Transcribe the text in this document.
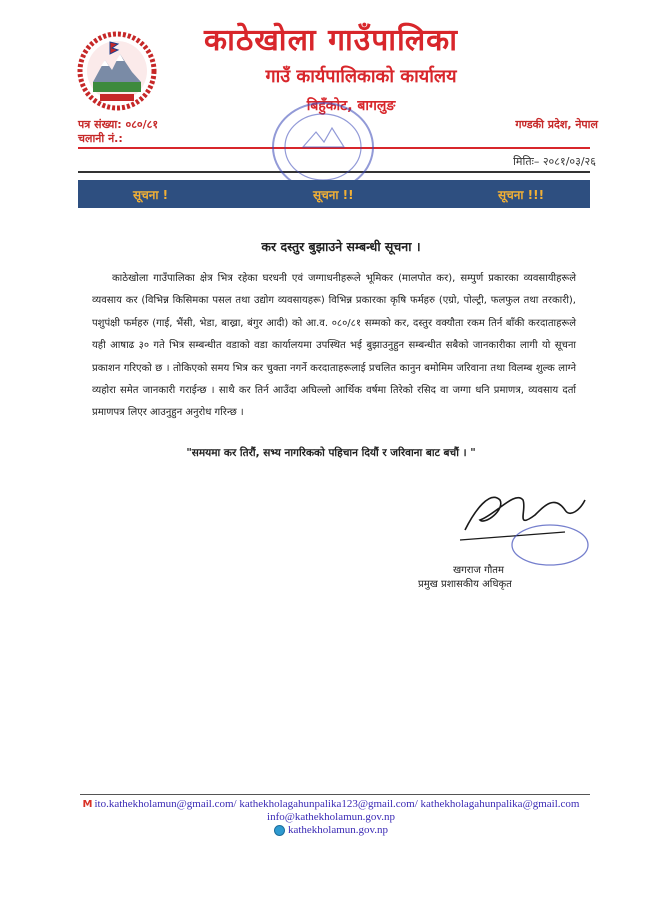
काठेखोला गाउँपालिका
गाउँ कार्यपालिकाको कार्यालय
बिहुँकोट, बागलुङ
पत्र संख्या: ०८०/८१
चलानी नं.:
गण्डकी प्रदेश, नेपाल
मितिः– २०८१/०३/२६
सूचना !	सूचना !!	सूचना !!!
कर दस्तुर बुझाउने सम्बन्धी सूचना ।
काठेखोला गाउँपालिका क्षेत्र भित्र रहेका घरधनी एवं जग्गाधनीहरूले भूमिकर (मालपोत कर), सम्पुर्ण प्रकारका व्यवसायीहरूले व्यवसाय कर (विभिन्न किसिमका पसल तथा उद्योग व्यवसायहरू) विभिन्न प्रकारका कृषि फर्महरु (एग्रो, पोल्ट्री, फलफुल तथा तरकारी), पशुपंक्षी फर्महरु (गाई, भैंसी, भेडा, बाख्रा, बंगुर आदी) को आ.व. ०८०/८१ सम्मको कर, दस्तुर वक्यौता रकम तिर्न बाँकी करदाताहरूले यही आषाढ ३० गते भित्र सम्बन्धीत वडाको वडा कार्यालयमा उपस्थित भई बुझाउनुहुन सम्बन्धीत सबैको जानकारीका लागी यो सूचना प्रकाशन गरिएको छ । तोकिएको समय भित्र कर चुक्ता नगर्ने करदाताहरूलाई प्रचलित कानुन बमोमिम जरिवाना तथा विलम्ब शुल्क लाग्ने व्यहोरा समेत जानकारी गराईन्छ । साथै कर तिर्न आउँदा अघिल्लो आर्थिक वर्षमा तिरेको रसिद वा जग्गा धनि प्रमाणत्र, व्यवसाय दर्ता प्रमाणपत्र लिएर आउनुहुन अनुरोध गरिन्छ ।
"समयमा कर तिरौं, सभ्य नागरिकको पहिचान दियौं र जरिवाना बाट बचौं । "
खगराज गौतम
प्रमुख प्रशासकीय अधिकृत
M ito.kathekholamun@gmail.com/ kathekholagahunpalika123@gmail.com/ kathekholagahunpalika@gmail.com
info@kathekholamun.gov.np
kathekholamun.gov.np
